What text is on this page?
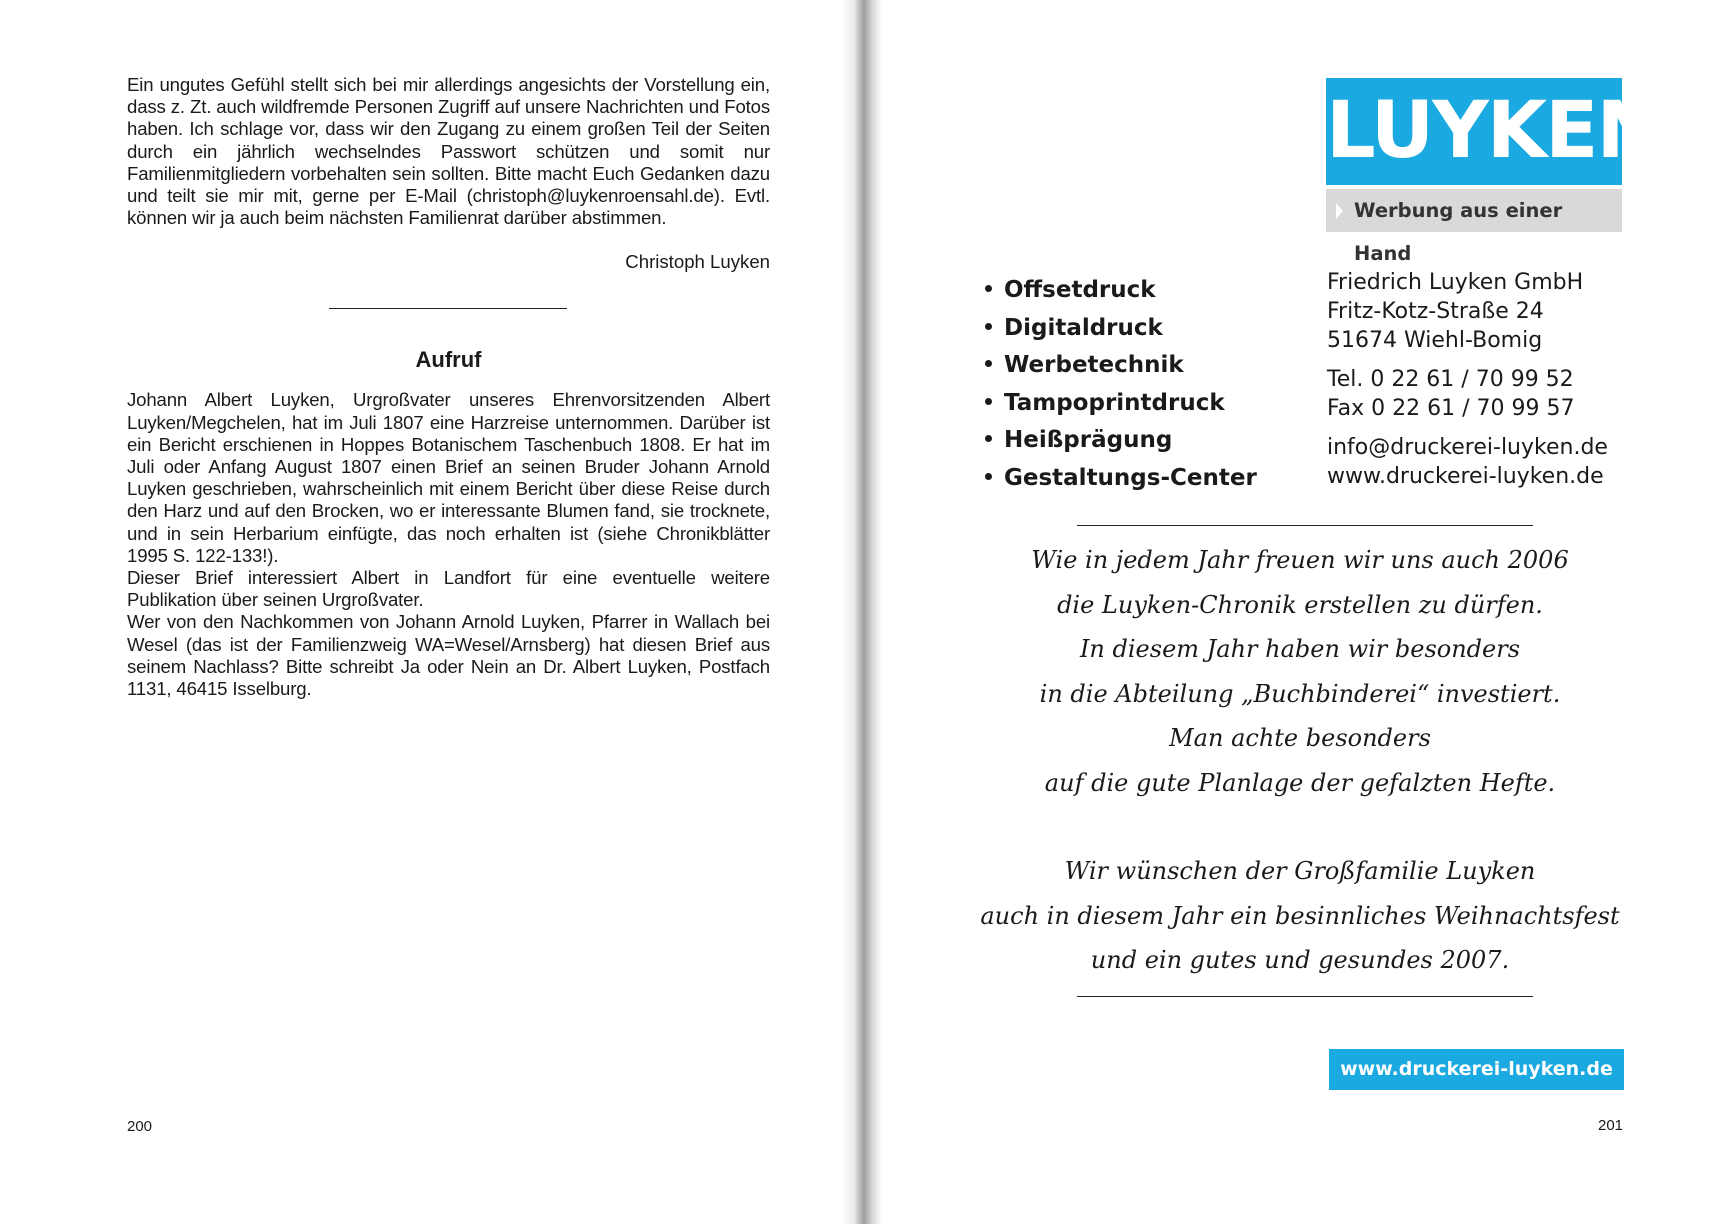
Ein ungutes Gefühl stellt sich bei mir allerdings angesichts der Vorstellung ein, dass z. Zt. auch wildfremde Personen Zugriff auf unsere Nachrichten und Fotos haben. Ich schlage vor, dass wir den Zugang zu einem großen Teil der Seiten durch ein jährlich wechselndes Passwort schützen und somit nur Familienmitgliedern vorbehalten sein sollten. Bitte macht Euch Gedanken dazu und teilt sie mir mit, gerne per E-Mail (christoph@luykenroensahl.de). Evtl. können wir ja auch beim nächsten Familienrat darüber abstimmen.

Christoph Luyken
Aufruf

Johann Albert Luyken, Urgroßvater unseres Ehrenvorsitzenden Albert Luyken/Megchelen, hat im Juli 1807 eine Harzreise unternommen. Darüber ist ein Bericht erschienen in Hoppes Botanischem Taschenbuch 1808. Er hat im Juli oder Anfang August 1807 einen Brief an seinen Bruder Johann Arnold Luyken geschrieben, wahrscheinlich mit einem Bericht über diese Reise durch den Harz und auf den Brocken, wo er interessante Blumen fand, sie trocknete, und in sein Herbarium einfügte, das noch erhalten ist (siehe Chronikblätter 1995 S. 122-133!).

Dieser Brief interessiert Albert in Landfort für eine eventuelle weitere Publikation über seinen Urgroßvater.

Wer von den Nachkommen von Johann Arnold Luyken, Pfarrer in Wallach bei Wesel (das ist der Familienzweig WA=Wesel/Arnsberg) hat diesen Brief aus seinem Nachlass? Bitte schreibt Ja oder Nein an Dr. Albert Luyken, Postfach 1131, 46415 Isselburg.

200
LUYKEN
Werbung aus einer Hand
Offsetdruck
Digitaldruck
Werbetechnik
Tampoprintdruck
Heißprägung
Gestaltungs-Center
Friedrich Luyken GmbH
Fritz-Kotz-Straße 24
51674 Wiehl-Bomig
Tel. 0 22 61 / 70 99 52
Fax 0 22 61 / 70 99 57
info@druckerei-luyken.de
www.druckerei-luyken.de
Wie in jedem Jahr freuen wir uns auch 2006
die Luyken-Chronik erstellen zu dürfen.
In diesem Jahr haben wir besonders
in die Abteilung „Buchbinderei“ investiert.
Man achte besonders
auf die gute Planlage der gefalzten Hefte.
Wir wünschen der Großfamilie Luyken
auch in diesem Jahr ein besinnliches Weihnachtsfest
und ein gutes und gesundes 2007.
www.druckerei-luyken.de
201
